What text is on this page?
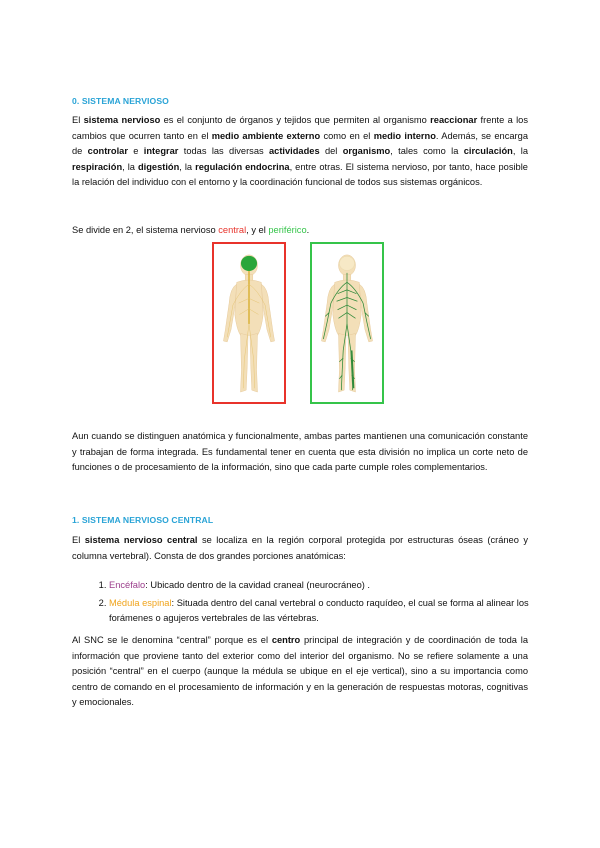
0. SISTEMA NERVIOSO
El sistema nervioso es el conjunto de órganos y tejidos que permiten al organismo reaccionar frente a los cambios que ocurren tanto en el medio ambiente externo como en el medio interno. Además, se encarga de controlar e integrar todas las diversas actividades del organismo, tales como la circulación, la respiración, la digestión, la regulación endocrina, entre otras. El sistema nervioso, por tanto, hace posible la relación del individuo con el entorno y la coordinación funcional de todos sus sistemas orgánicos.
Se divide en 2, el sistema nervioso central, y el periférico.
Aun cuando se distinguen anatómica y funcionalmente, ambas partes mantienen una comunicación constante y trabajan de forma integrada. Es fundamental tener en cuenta que esta división no implica un corte neto de funciones o de procesamiento de la información, sino que cada parte cumple roles complementarios.
1. SISTEMA NERVIOSO CENTRAL
El sistema nervioso central se localiza en la región corporal protegida por estructuras óseas (cráneo y columna vertebral). Consta de dos grandes porciones anatómicas:
1. Encéfalo: Ubicado dentro de la cavidad craneal (neurocráneo) .
2. Médula espinal: Situada dentro del canal vertebral o conducto raquídeo, el cual se forma al alinear los forámenes o agujeros vertebrales de las vértebras.
Al SNC se le denomina “central” porque es el centro principal de integración y de coordinación de toda la información que proviene tanto del exterior como del interior del organismo. No se refiere solamente a una posición “central” en el cuerpo (aunque la médula se ubique en el eje vertical), sino a su importancia como centro de comando en el procesamiento de información y en la generación de respuestas motoras, cognitivas y emocionales.
